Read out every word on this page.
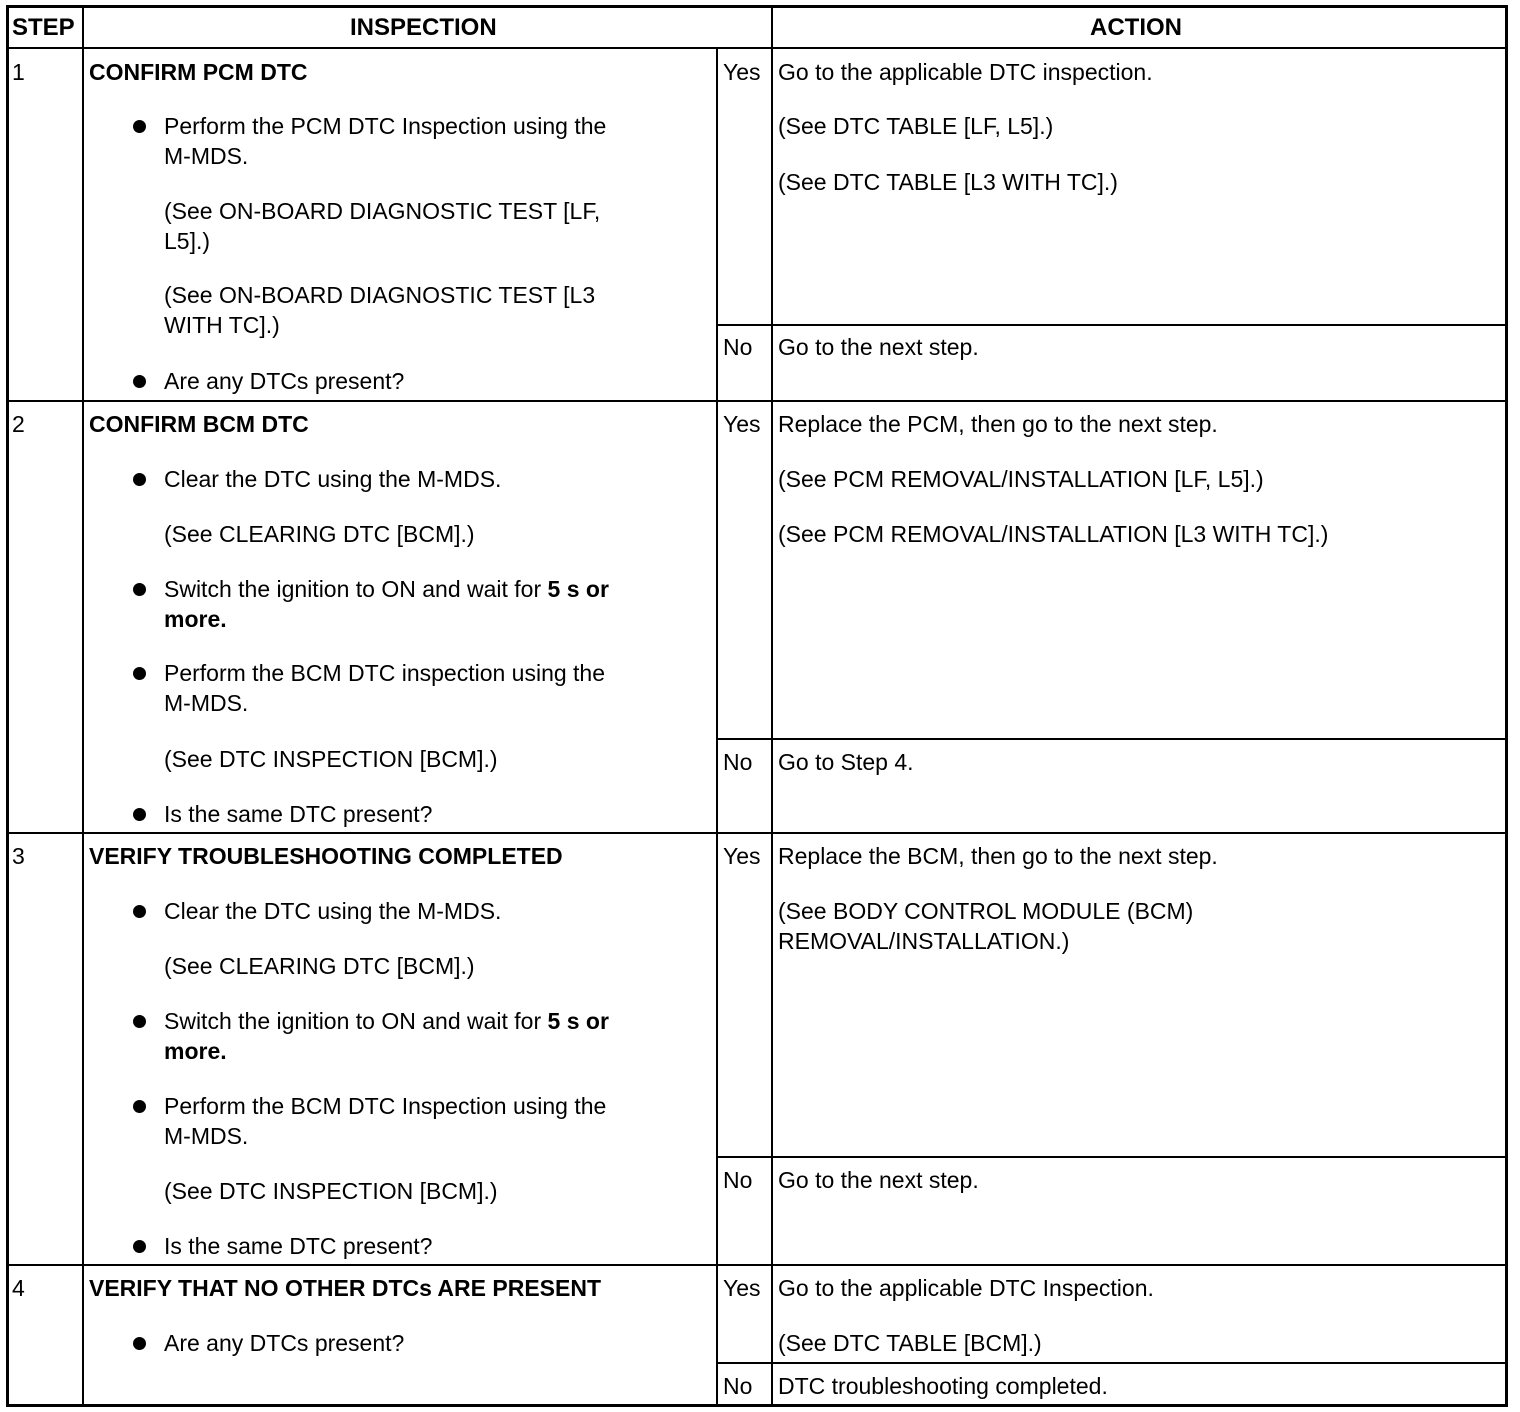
STEP	INSPECTION	ACTION
1	CONFIRM PCM DTC
Perform the PCM DTC Inspection using the
M-MDS.
(See ON-BOARD DIAGNOSTIC TEST [LF,
L5].)
(See ON-BOARD DIAGNOSTIC TEST [L3
WITH TC].)
Are any DTCs present?
Yes Go to the applicable DTC inspection.
(See DTC TABLE [LF, L5].)
(See DTC TABLE [L3 WITH TC].)
No Go to the next step.
2	CONFIRM BCM DTC
Clear the DTC using the M-MDS.
(See CLEARING DTC [BCM].)
Switch the ignition to ON and wait for 5 s or
more.
Perform the BCM DTC inspection using the
M-MDS.
(See DTC INSPECTION [BCM].)
Is the same DTC present?
Yes Replace the PCM, then go to the next step.
(See PCM REMOVAL/INSTALLATION [LF, L5].)
(See PCM REMOVAL/INSTALLATION [L3 WITH TC].)
No Go to Step 4.
3	VERIFY TROUBLESHOOTING COMPLETED
Clear the DTC using the M-MDS.
(See CLEARING DTC [BCM].)
Switch the ignition to ON and wait for 5 s or
more.
Perform the BCM DTC Inspection using the
M-MDS.
(See DTC INSPECTION [BCM].)
Is the same DTC present?
Yes Replace the BCM, then go to the next step.
(See BODY CONTROL MODULE (BCM)
REMOVAL/INSTALLATION.)
No Go to the next step.
4	VERIFY THAT NO OTHER DTCs ARE PRESENT
Are any DTCs present?
Yes Go to the applicable DTC Inspection.
(See DTC TABLE [BCM].)
No DTC troubleshooting completed.
